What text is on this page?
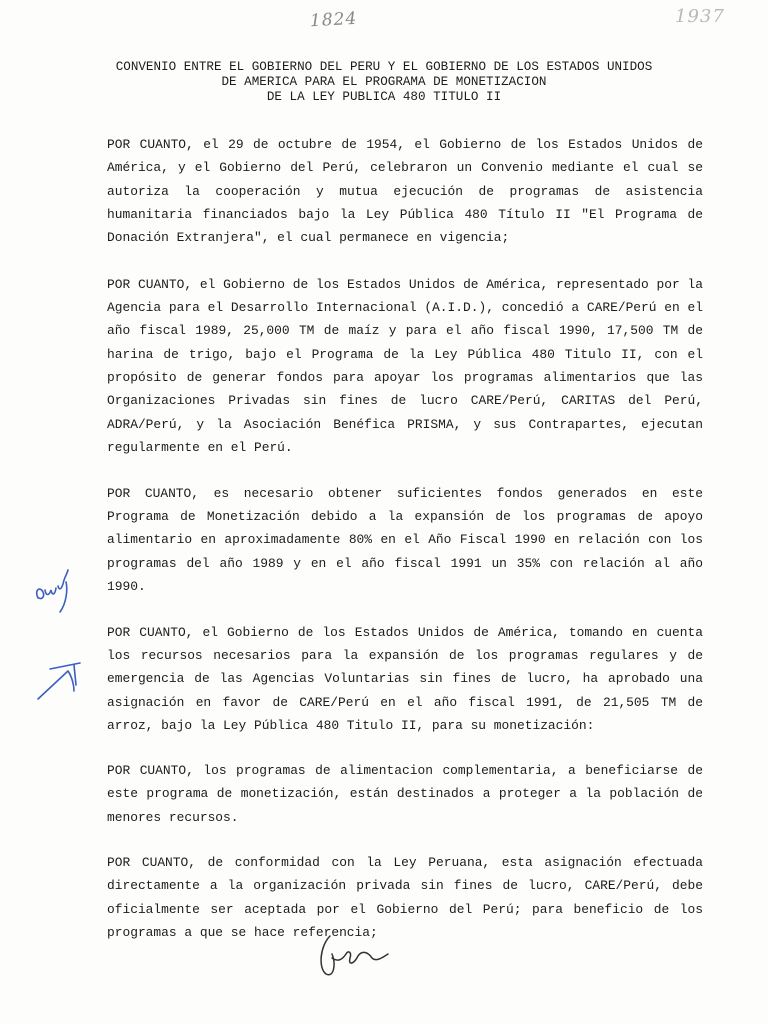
1824	1937
CONVENIO ENTRE EL GOBIERNO DEL PERU Y EL GOBIERNO DE LOS ESTADOS UNIDOS
DE AMERICA PARA EL PROGRAMA DE MONETIZACION
DE LA LEY PUBLICA 480 TITULO II

POR CUANTO, el 29 de octubre de 1954, el Gobierno de los Estados Unidos de América, y el Gobierno del Perú, celebraron un Convenio mediante el cual se autoriza la cooperación y mutua ejecución de programas de asistencia humanitaria financiados bajo la Ley Pública 480 Título II "El Programa de Donación Extranjera", el cual permanece en vigencia;

POR CUANTO, el Gobierno de los Estados Unidos de América, representado por la Agencia para el Desarrollo Internacional (A.I.D.), concedió a CARE/Perú en el año fiscal 1989, 25,000 TM de maíz y para el año fiscal 1990, 17,500 TM de harina de trigo, bajo el Programa de la Ley Pública 480 Titulo II, con el propósito de generar fondos para apoyar los programas alimentarios que las Organizaciones Privadas sin fines de lucro CARE/Perú, CARITAS del Perú, ADRA/Perú, y la Asociación Benéfica PRISMA, y sus Contrapartes, ejecutan regularmente en el Perú.

POR CUANTO, es necesario obtener suficientes fondos generados en este Programa de Monetización debido a la expansión de los programas de apoyo alimentario en aproximadamente 80% en el Año Fiscal 1990 en relación con los programas del año 1989 y en el año fiscal 1991 un 35% con relación al año 1990.

POR CUANTO, el Gobierno de los Estados Unidos de América, tomando en cuenta los recursos necesarios para la expansión de los programas regulares y de emergencia de las Agencias Voluntarias sin fines de lucro, ha aprobado una asignación en favor de CARE/Perú en el año fiscal 1991, de 21,505 TM de arroz, bajo la Ley Pública 480 Titulo II, para su monetización:

POR CUANTO, los programas de alimentacion complementaria, a beneficiarse de este programa de monetización, están destinados a proteger a la población de menores recursos.

POR CUANTO, de conformidad con la Ley Peruana, esta asignación efectuada directamente a la organización privada sin fines de lucro, CARE/Perú, debe oficialmente ser aceptada por el Gobierno del Perú; para beneficio de los programas a que se hace referencia;
